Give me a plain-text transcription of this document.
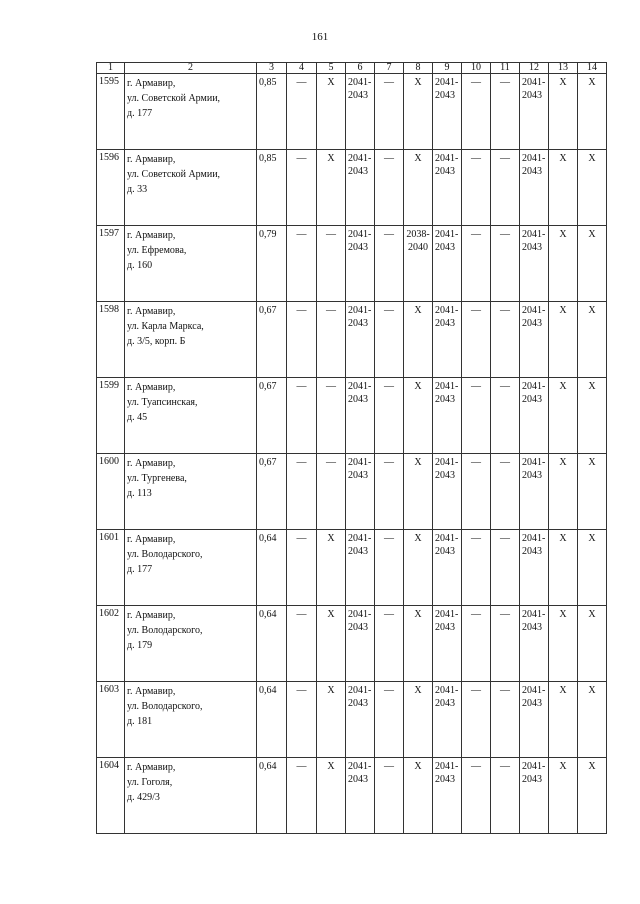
161
1	2	3	4	5	6	7	8	9	10	11	12	13	14
1595	г. Армавир,
ул. Советской Армии,
д. 177	0,85	—	X	2041-
2043	—	X	2041-
2043	—	—	2041-
2043	X	X
1596	г. Армавир,
ул. Советской Армии,
д. 33	0,85	—	X	2041-
2043	—	X	2041-
2043	—	—	2041-
2043	X	X
1597	г. Армавир,
ул. Ефремова,
д. 160	0,79	—	—	2041-
2043	—	2038-
2040	2041-
2043	—	—	2041-
2043	X	X
1598	г. Армавир,
ул. Карла Маркса,
д. 3/5, корп. Б	0,67	—	—	2041-
2043	—	X	2041-
2043	—	—	2041-
2043	X	X
1599	г. Армавир,
ул. Туапсинская,
д. 45	0,67	—	—	2041-
2043	—	X	2041-
2043	—	—	2041-
2043	X	X
1600	г. Армавир,
ул. Тургенева,
д. 113	0,67	—	—	2041-
2043	—	X	2041-
2043	—	—	2041-
2043	X	X
1601	г. Армавир,
ул. Володарского,
д. 177	0,64	—	X	2041-
2043	—	X	2041-
2043	—	—	2041-
2043	X	X
1602	г. Армавир,
ул. Володарского,
д. 179	0,64	—	X	2041-
2043	—	X	2041-
2043	—	—	2041-
2043	X	X
1603	г. Армавир,
ул. Володарского,
д. 181	0,64	—	X	2041-
2043	—	X	2041-
2043	—	—	2041-
2043	X	X
1604	г. Армавир,
ул. Гоголя,
д. 429/3	0,64	—	X	2041-
2043	—	X	2041-
2043	—	—	2041-
2043	X	X
